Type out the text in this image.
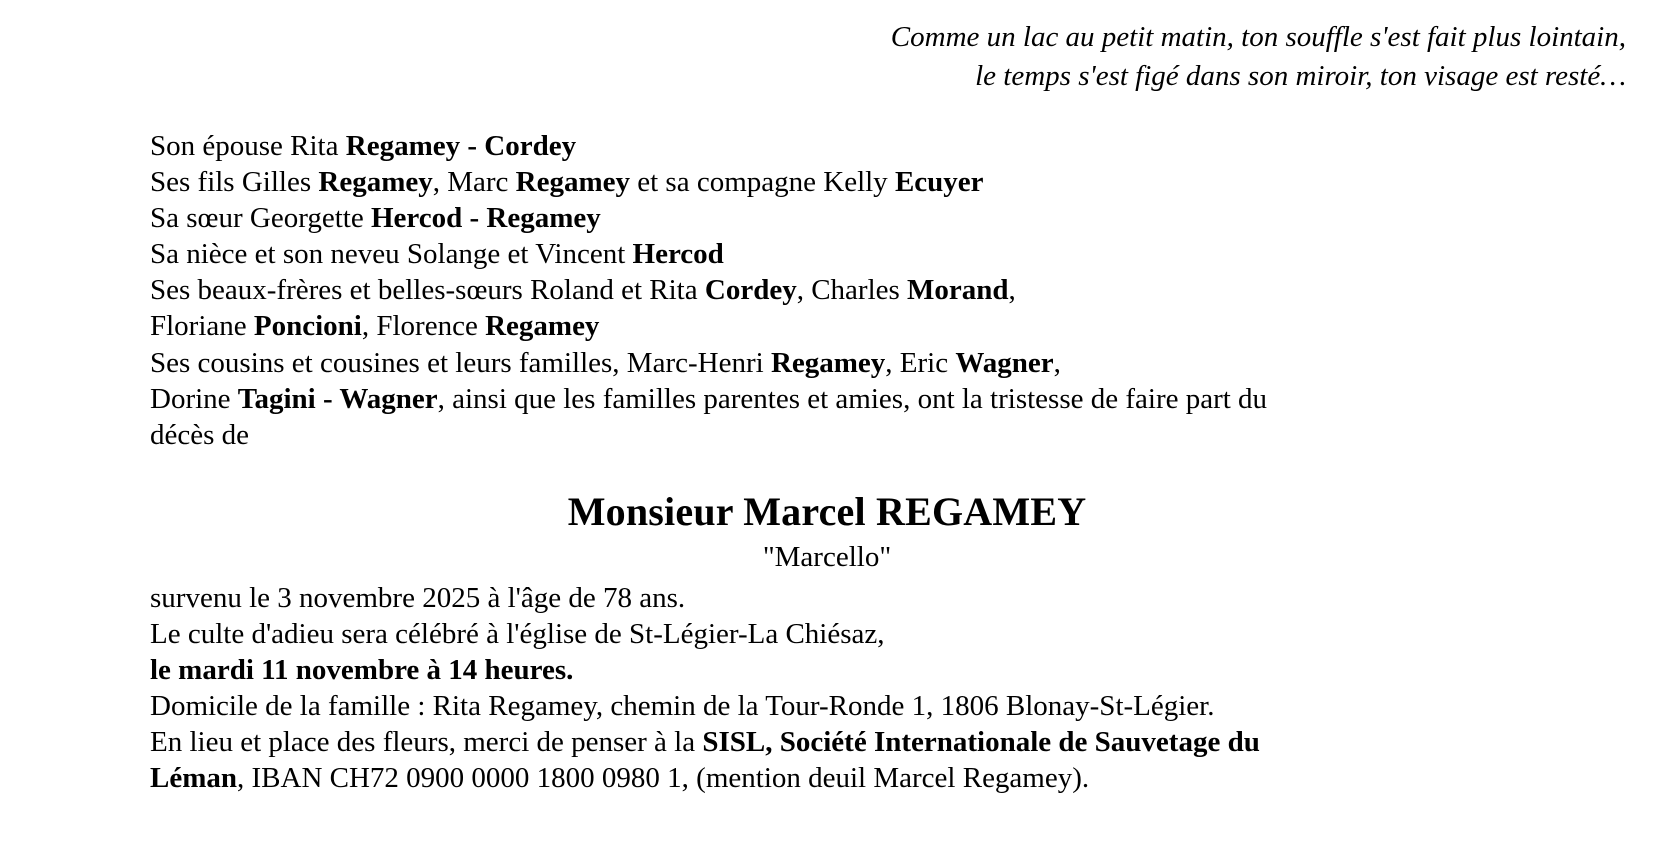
Comme un lac au petit matin, ton souffle s'est fait plus lointain,
le temps s'est figé dans son miroir, ton visage est resté…

Son épouse Rita Regamey - Cordey

Ses fils Gilles Regamey, Marc Regamey et sa compagne Kelly Ecuyer

Sa sœur Georgette Hercod - Regamey

Sa nièce et son neveu Solange et Vincent Hercod

Ses beaux-frères et belles-sœurs Roland et Rita Cordey, Charles Morand,

Floriane Poncioni, Florence Regamey

Ses cousins et cousines et leurs familles, Marc-Henri Regamey, Eric Wagner,

Dorine Tagini - Wagner, ainsi que les familles parentes et amies, ont la tristesse de faire part du

décès de

Monsieur Marcel REGAMEY
"Marcello"

survenu le 3 novembre 2025 à l'âge de 78 ans.

Le culte d'adieu sera célébré à l'église de St-Légier-La Chiésaz,

le mardi 11 novembre à 14 heures.

Domicile de la famille : Rita Regamey, chemin de la Tour-Ronde 1, 1806 Blonay-St-Légier.

En lieu et place des fleurs, merci de penser à la SISL, Société Internationale de Sauvetage du

Léman, IBAN CH72 0900 0000 1800 0980 1, (mention deuil Marcel Regamey).
